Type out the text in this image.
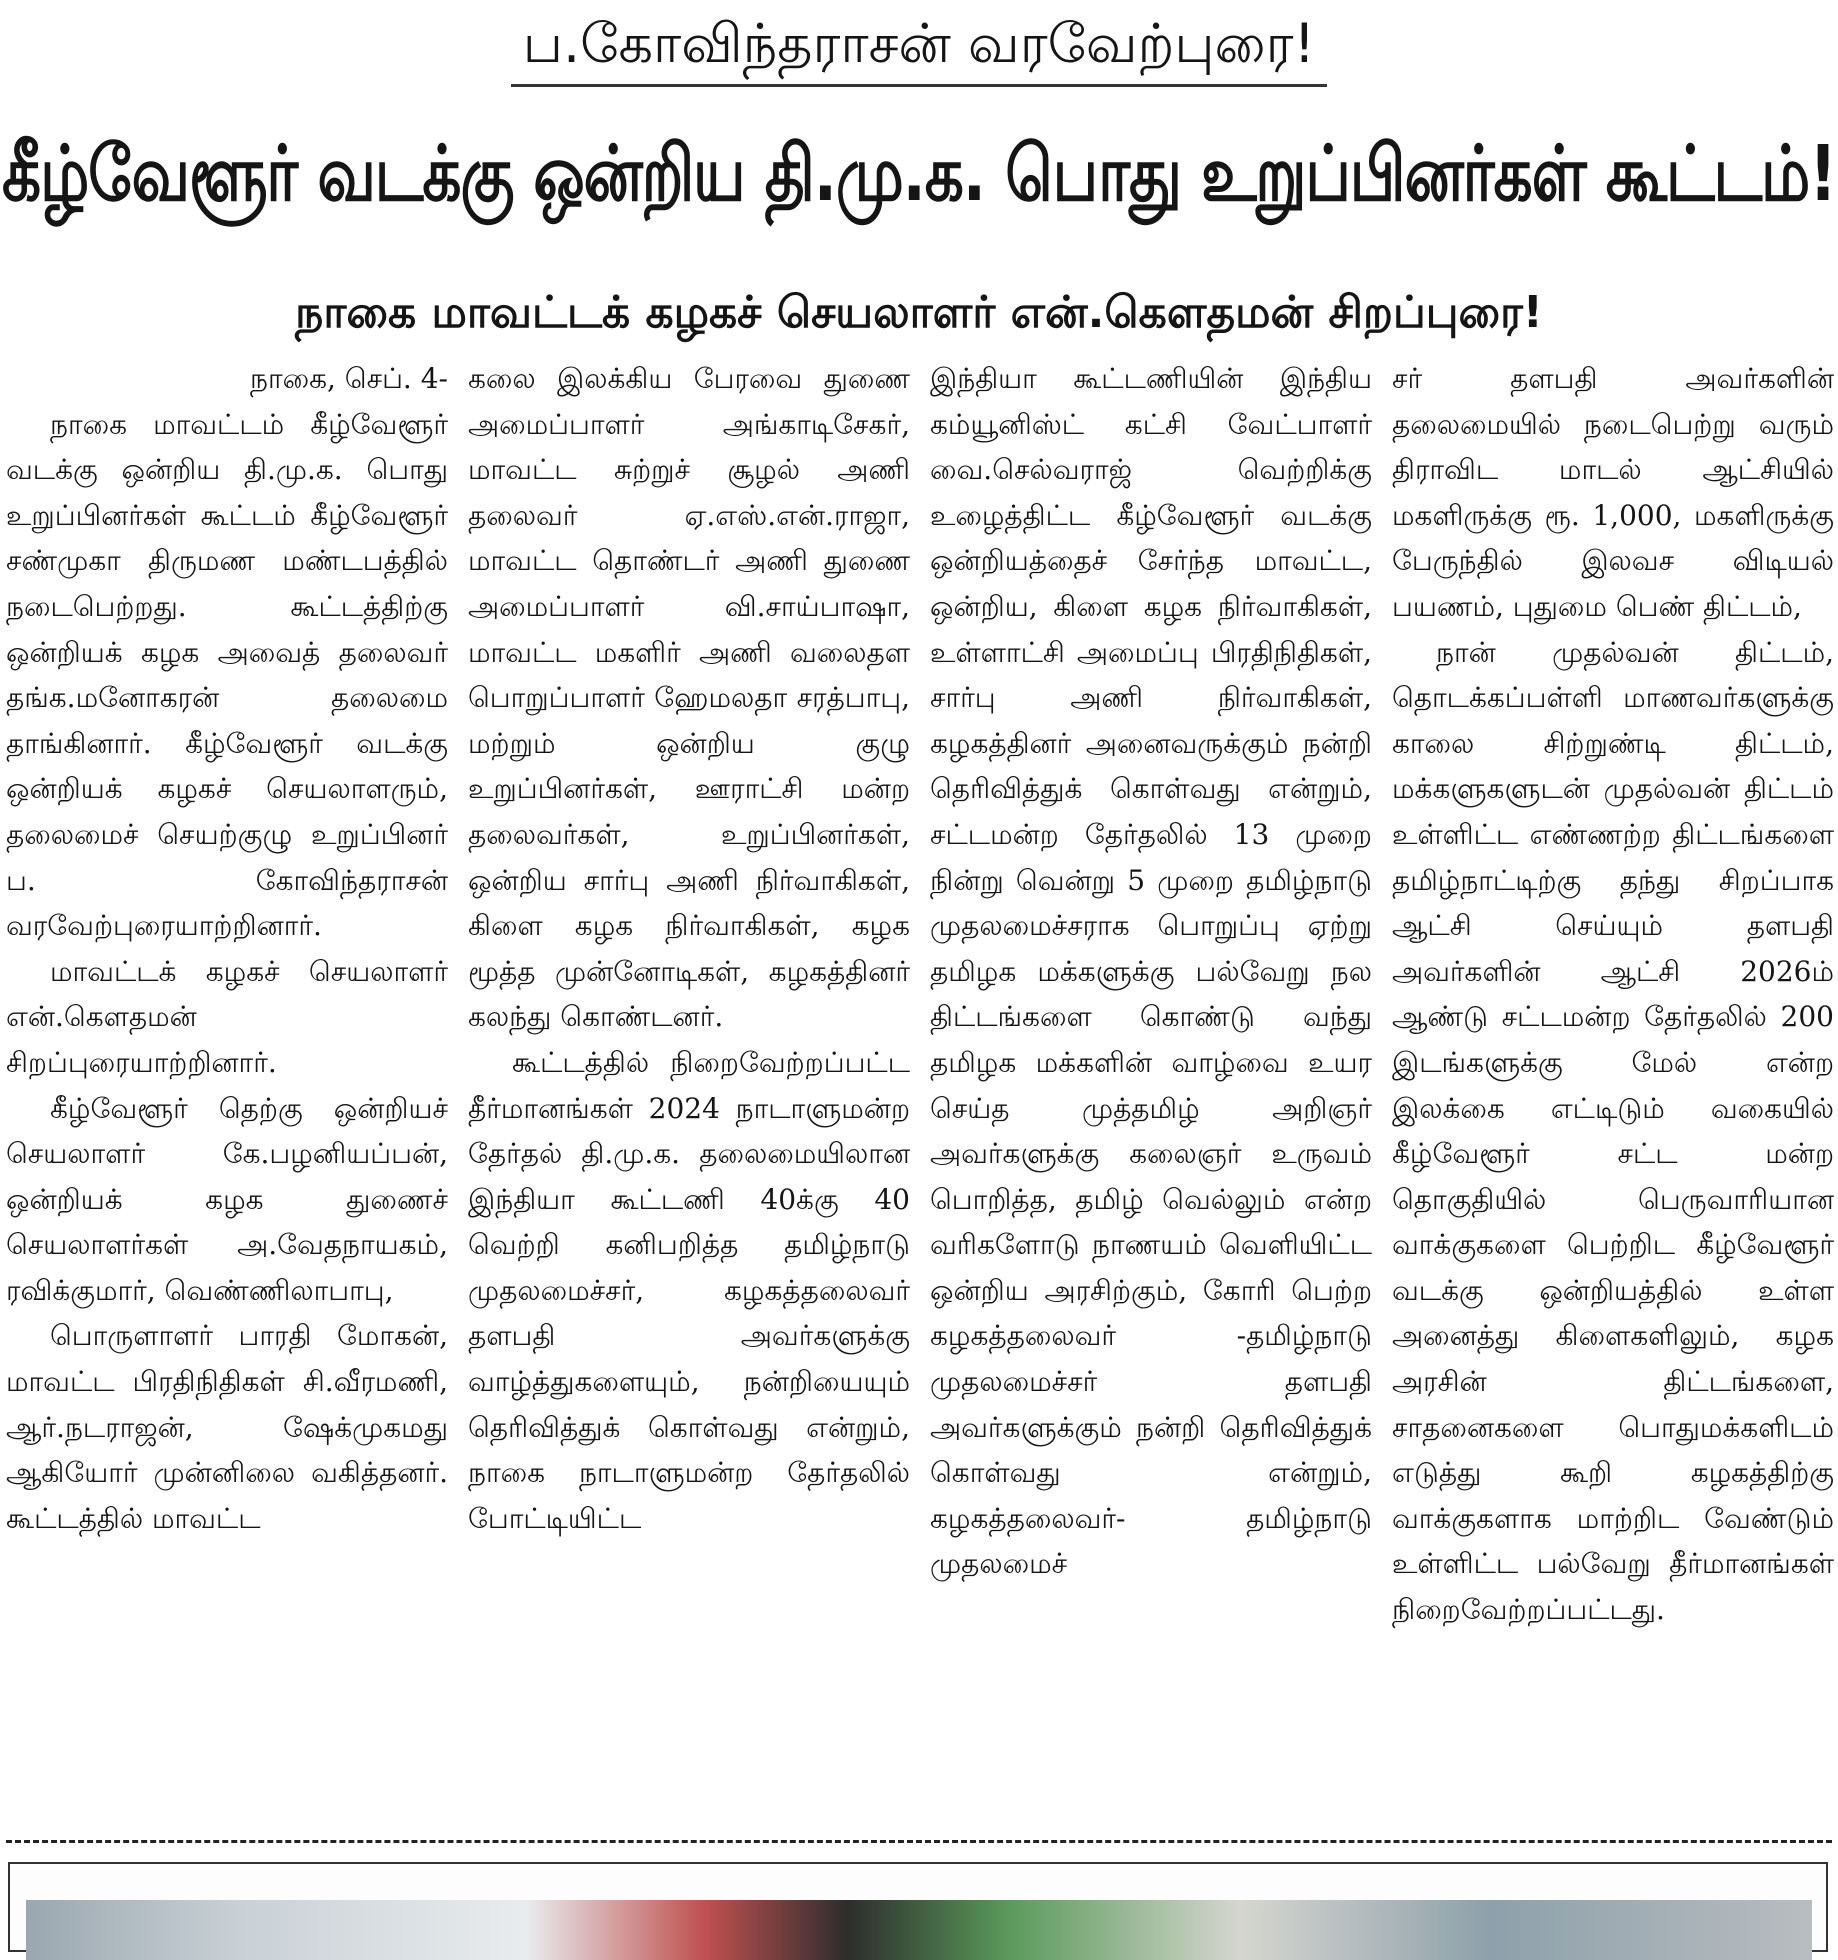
ப.கோவிந்தராசன் வரவேற்புரை!
கீழ்வேளூர் வடக்கு ஒன்றிய தி.மு.க. பொது உறுப்பினர்கள் கூட்டம்!
நாகை மாவட்டக் கழகச் செயலாளர் என்.கௌதமன் சிறப்புரை!

நாகை, செப். 4-

நாகை மாவட்டம் கீழ்வேளூர் வடக்கு ஒன்றிய தி.மு.க. பொது உறுப்பினர்கள் கூட்டம் கீழ்வேளூர் சண்முகா திருமண மண்டபத்தில் நடைபெற்றது. கூட்டத்திற்கு ஒன்றியக் கழக அவைத் தலைவர் தங்க.மனோகரன் தலைமை தாங்கினார். கீழ்வேளூர் வடக்கு ஒன்றியக் கழகச் செயலாளரும், தலைமைச் செயற்குழு உறுப்பினர் ப. கோவிந்தராசன் வரவேற்புரையாற்றினார்.

மாவட்டக் கழகச் செயலாளர் என்.கௌதமன் சிறப்புரையாற்றினார்.

கீழ்வேளூர் தெற்கு ஒன்றியச் செயலாளர் கே.பழனியப்பன், ஒன்றியக் கழக துணைச் செயலாளர்கள் அ.வேதநாயகம், ரவிக்குமார், வெண்ணிலாபாபு,

பொருளாளர் பாரதி மோகன், மாவட்ட பிரதிநிதிகள் சி.வீரமணி, ஆர்.நடராஜன், ஷேக்முகமது ஆகியோர் முன்னிலை வகித்தனர். கூட்டத்தில் மாவட்ட

கலை இலக்கிய பேரவை துணை அமைப்பாளர் அங்காடிசேகர், மாவட்ட சுற்றுச் சூழல் அணி தலைவர் ஏ.எஸ்.என்.ராஜா, மாவட்ட தொண்டர் அணி துணை அமைப்பாளர் வி.சாய்பாஷா, மாவட்ட மகளிர் அணி வலைதள பொறுப்பாளர் ஹேமலதா சரத்பாபு, மற்றும் ஒன்றிய குழு உறுப்பினர்கள், ஊராட்சி மன்ற தலைவர்கள், உறுப்பினர்கள், ஒன்றிய சார்பு அணி நிர்வாகிகள், கிளை கழக நிர்வாகிகள், கழக மூத்த முன்னோடிகள், கழகத்தினர் கலந்து கொண்டனர்.

கூட்டத்தில் நிறைவேற்றப்பட்ட தீர்மானங்கள் 2024 நாடாளுமன்ற தேர்தல் தி.மு.க. தலைமையிலான இந்தியா கூட்டணி 40க்கு 40 வெற்றி கனிபறித்த தமிழ்நாடு முதலமைச்சர், கழகத்தலைவர் தளபதி அவர்களுக்கு வாழ்த்துகளையும், நன்றியையும் தெரிவித்துக் கொள்வது என்றும், நாகை நாடாளுமன்ற தேர்தலில் போட்டியிட்ட

இந்தியா கூட்டணியின் இந்திய கம்யூனிஸ்ட் கட்சி வேட்பாளர் வை.செல்வராஜ் வெற்றிக்கு உழைத்திட்ட கீழ்வேளூர் வடக்கு ஒன்றியத்தைச் சேர்ந்த மாவட்ட, ஒன்றிய, கிளை கழக நிர்வாகிகள், உள்ளாட்சி அமைப்பு பிரதிநிதிகள், சார்பு அணி நிர்வாகிகள், கழகத்தினர் அனைவருக்கும் நன்றி தெரிவித்துக் கொள்வது என்றும், சட்டமன்ற தேர்தலில் 13 முறை நின்று வென்று 5 முறை தமிழ்நாடு முதலமைச்சராக பொறுப்பு ஏற்று தமிழக மக்களுக்கு பல்வேறு நல திட்டங்களை கொண்டு வந்து தமிழக மக்களின் வாழ்வை உயர செய்த முத்தமிழ் அறிஞர் அவர்களுக்கு கலைஞர் உருவம் பொறித்த, தமிழ் வெல்லும் என்ற வரிகளோடு நாணயம் வெளியிட்ட ஒன்றிய அரசிற்கும், கோரி பெற்ற கழகத்தலைவர் -தமிழ்நாடு முதலமைச்சர் தளபதி அவர்களுக்கும் நன்றி தெரிவித்துக் கொள்வது என்றும், கழகத்தலைவர்- தமிழ்நாடு முதலமைச்

சர் தளபதி அவர்களின் தலைமையில் நடைபெற்று வரும் திராவிட மாடல் ஆட்சியில் மகளிருக்கு ரூ. 1,000, மகளிருக்கு பேருந்தில் இலவச விடியல் பயணம், புதுமை பெண் திட்டம்,

நான் முதல்வன் திட்டம், தொடக்கப்பள்ளி மாணவர்களுக்கு காலை சிற்றுண்டி திட்டம், மக்களுகளுடன் முதல்வன் திட்டம் உள்ளிட்ட எண்ணற்ற திட்டங்களை தமிழ்நாட்டிற்கு தந்து சிறப்பாக ஆட்சி செய்யும் தளபதி அவர்களின் ஆட்சி 2026ம் ஆண்டு சட்டமன்ற தேர்தலில் 200 இடங்களுக்கு மேல் என்ற இலக்கை எட்டிடும் வகையில் கீழ்வேளூர் சட்ட மன்ற தொகுதியில் பெருவாரியான வாக்குகளை பெற்றிட கீழ்வேளூர் வடக்கு ஒன்றியத்தில் உள்ள அனைத்து கிளைகளிலும், கழக அரசின் திட்டங்களை, சாதனைகளை பொதுமக்களிடம் எடுத்து கூறி கழகத்திற்கு வாக்குகளாக மாற்றிட வேண்டும் உள்ளிட்ட பல்வேறு தீர்மானங்கள் நிறைவேற்றப்பட்டது.
